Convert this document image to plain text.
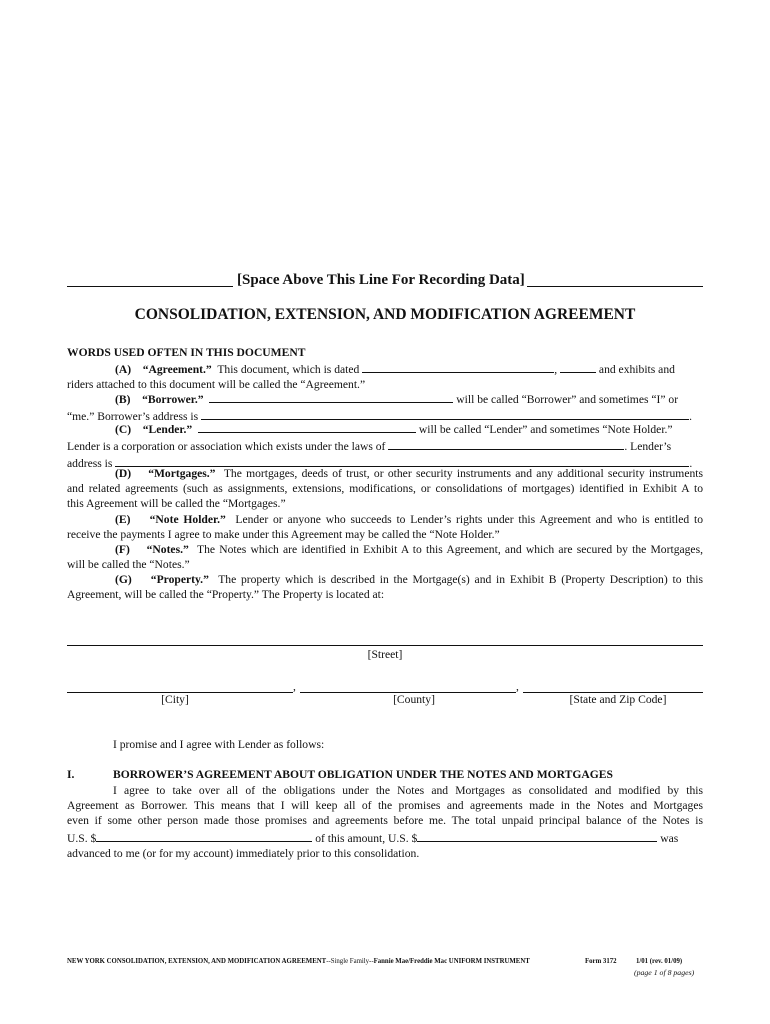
[Space Above This Line For Recording Data]
CONSOLIDATION, EXTENSION, AND MODIFICATION AGREEMENT
WORDS USED OFTEN IN THIS DOCUMENT
(A) “Agreement.” This document, which is dated	,	and exhibits and
riders attached to this document will be called the “Agreement.”
(B) “Borrower.”	will be called “Borrower” and sometimes “I” or
“me.” Borrower’s address is	.
(C) “Lender.”	will be called “Lender” and sometimes “Note Holder.”
Lender is a corporation or association which exists under the laws of	. Lender’s
address is	.
(D) “Mortgages.” The mortgages, deeds of trust, or other security instruments and any additional security instruments
and related agreements (such as assignments, extensions, modifications, or consolidations of mortgages) identified in Exhibit A to
this Agreement will be called the “Mortgages.”
(E) “Note Holder.” Lender or anyone who succeeds to Lender’s rights under this Agreement and who is entitled to
receive the payments I agree to make under this Agreement may be called the “Note Holder.”
(F) “Notes.” The Notes which are identified in Exhibit A to this Agreement, and which are secured by the Mortgages,
will be called the “Notes.”
(G) “Property.” The property which is described in the Mortgage(s) and in Exhibit B (Property Description) to this
Agreement, will be called the “Property.” The Property is located at:
[Street]
,	,
[City]	[County]	[State and Zip Code]
I promise and I agree with Lender as follows:
I.	BORROWER’S AGREEMENT ABOUT OBLIGATION UNDER THE NOTES AND MORTGAGES
I agree to take over all of the obligations under the Notes and Mortgages as consolidated and modified by this
Agreement as Borrower. This means that I will keep all of the promises and agreements made in the Notes and Mortgages
even if some other person made those promises and agreements before me. The total unpaid principal balance of the Notes is
U.S. $	of this amount, U.S. $	was
advanced to me (or for my account) immediately prior to this consolidation.
NEW YORK CONSOLIDATION, EXTENSION, AND MODIFICATION AGREEMENT--Single Family--Fannie Mae/Freddie Mac UNIFORM INSTRUMENT	Form 3172	1/01 (rev. 01/09)
(page 1 of 8 pages)
